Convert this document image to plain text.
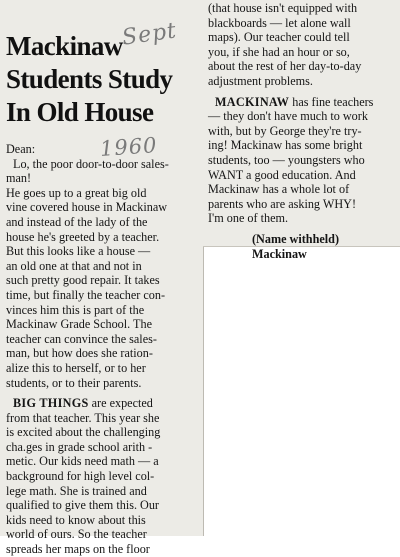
Mackinaw
Students Study
In Old House
Sept
1960
Dean:
Lo, the poor door-to-door sales-
man!
He goes up to a great big old
vine covered house in Mackinaw
and instead of the lady of the
house he's greeted by a teacher.
But this looks like a house —
an old one at that and not in
such pretty good repair. It takes
time, but finally the teacher con-
vinces him this is part of the
Mackinaw Grade School. The
teacher can convince the sales-
man, but how does she ration-
alize this to herself, or to her
students, or to their parents.
BIG THINGS are expected
from that teacher. This year she
is excited about the challenging
cha.ges in grade school arith -
metic. Our kids need math — a
background for high level col-
lege math. She is trained and
qualified to give them this. Our
kids need to know about this
world of ours. So the teacher
spreads her maps on the floor
(that house isn't equipped with
blackboards — let alone wall
maps). Our teacher could tell
you, if she had an hour or so,
about the rest of her day-to-day
adjustment problems.
MACKINAW has fine teachers
— they don't have much to work
with, but by George they're try-
ing! Mackinaw has some bright
students, too — youngsters who
WANT a good education. And
Mackinaw has a whole lot of
parents who are asking WHY!
I'm one of them.
(Name withheld)
Mackinaw
